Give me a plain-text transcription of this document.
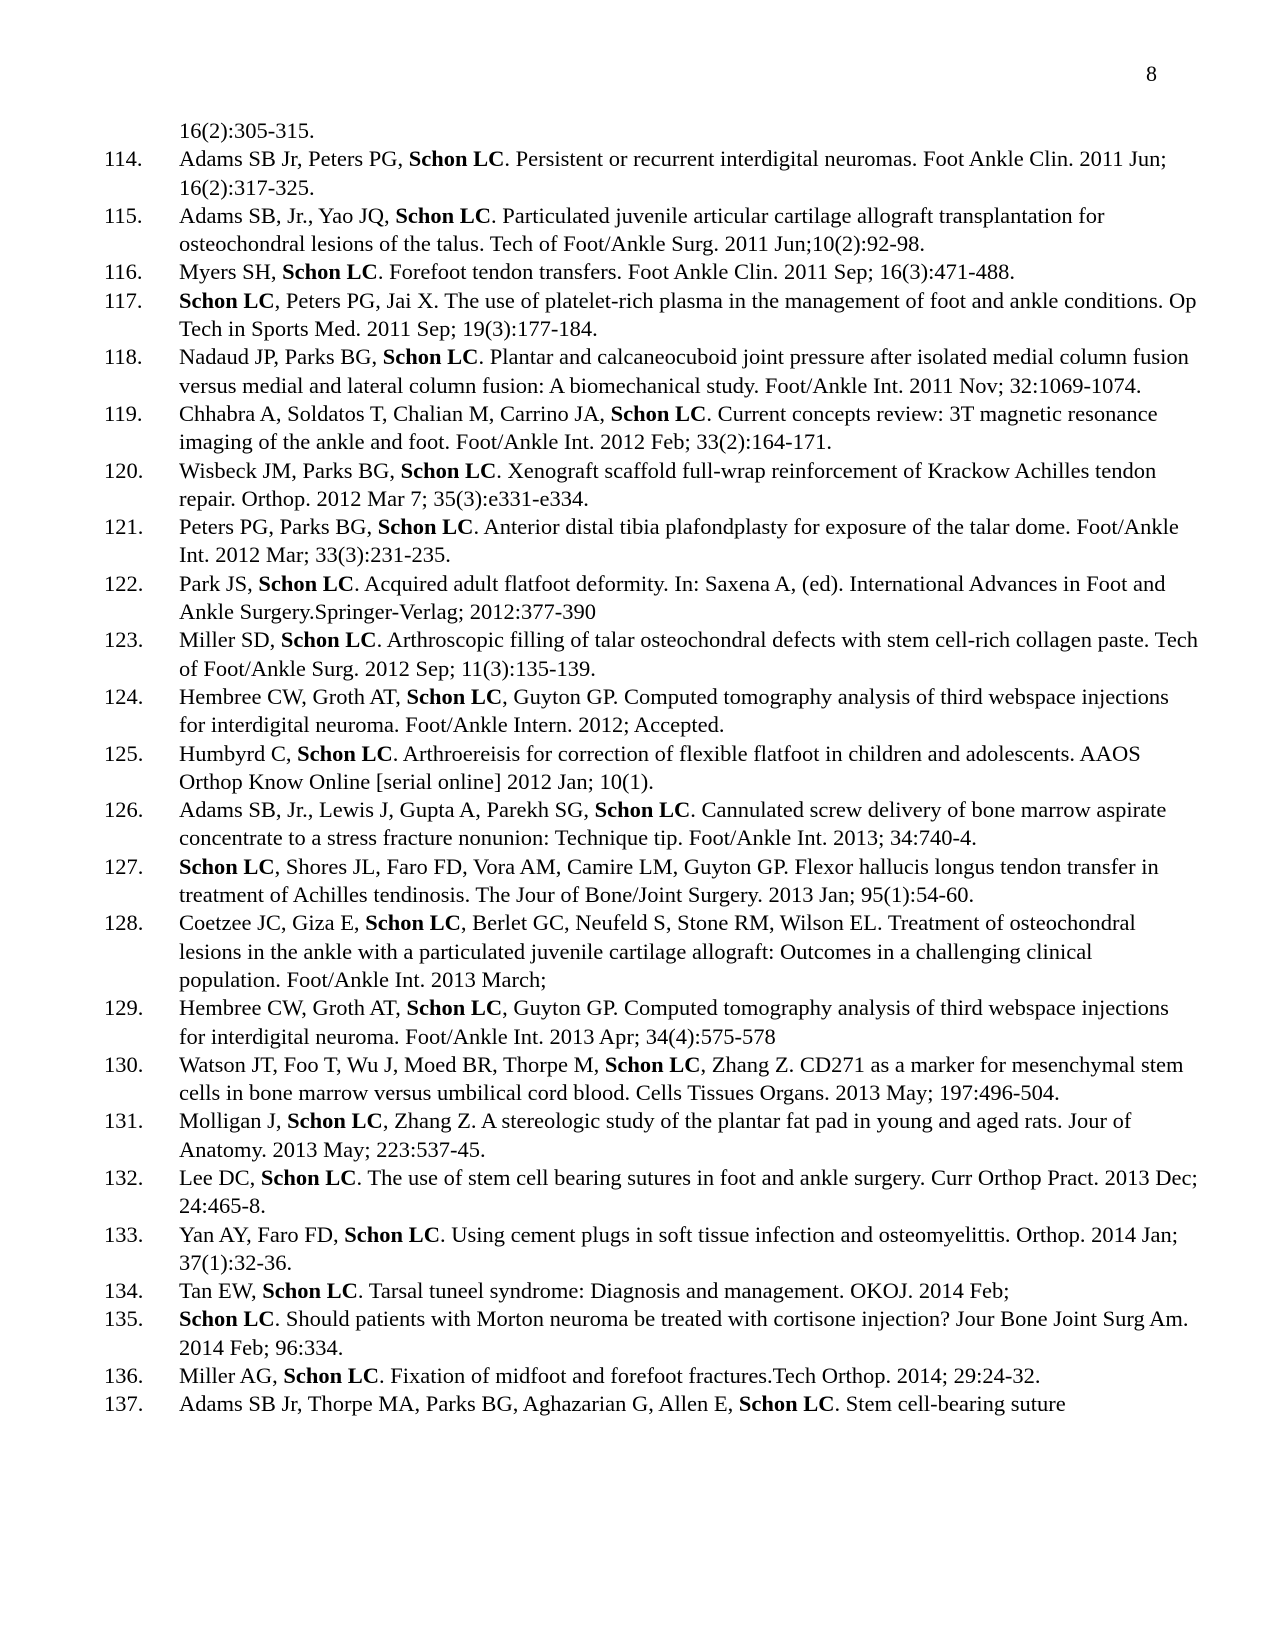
8
16(2):305-315.
114. Adams SB Jr, Peters PG, Schon LC. Persistent or recurrent interdigital neuromas. Foot Ankle Clin. 2011 Jun; 16(2):317-325.
115. Adams SB, Jr., Yao JQ, Schon LC. Particulated juvenile articular cartilage allograft transplantation for osteochondral lesions of the talus. Tech of Foot/Ankle Surg. 2011 Jun;10(2):92-98.
116. Myers SH, Schon LC. Forefoot tendon transfers. Foot Ankle Clin. 2011 Sep; 16(3):471-488.
117. Schon LC, Peters PG, Jai X. The use of platelet-rich plasma in the management of foot and ankle conditions. Op Tech in Sports Med. 2011 Sep; 19(3):177-184.
118. Nadaud JP, Parks BG, Schon LC. Plantar and calcaneocuboid joint pressure after isolated medial column fusion versus medial and lateral column fusion: A biomechanical study. Foot/Ankle Int. 2011 Nov; 32:1069-1074.
119. Chhabra A, Soldatos T, Chalian M, Carrino JA, Schon LC. Current concepts review: 3T magnetic resonance imaging of the ankle and foot. Foot/Ankle Int. 2012 Feb; 33(2):164-171.
120. Wisbeck JM, Parks BG, Schon LC. Xenograft scaffold full-wrap reinforcement of Krackow Achilles tendon repair. Orthop. 2012 Mar 7; 35(3):e331-e334.
121. Peters PG, Parks BG, Schon LC. Anterior distal tibia plafondplasty for exposure of the talar dome. Foot/Ankle Int. 2012 Mar; 33(3):231-235.
122. Park JS, Schon LC. Acquired adult flatfoot deformity. In: Saxena A, (ed). International Advances in Foot and Ankle Surgery.Springer-Verlag; 2012:377-390
123. Miller SD, Schon LC. Arthroscopic filling of talar osteochondral defects with stem cell-rich collagen paste. Tech of Foot/Ankle Surg. 2012 Sep; 11(3):135-139.
124. Hembree CW, Groth AT, Schon LC, Guyton GP. Computed tomography analysis of third webspace injections for interdigital neuroma. Foot/Ankle Intern. 2012; Accepted.
125. Humbyrd C, Schon LC. Arthroereisis for correction of flexible flatfoot in children and adolescents. AAOS Orthop Know Online [serial online] 2012 Jan; 10(1).
126. Adams SB, Jr., Lewis J, Gupta A, Parekh SG, Schon LC. Cannulated screw delivery of bone marrow aspirate concentrate to a stress fracture nonunion: Technique tip. Foot/Ankle Int. 2013; 34:740-4.
127. Schon LC, Shores JL, Faro FD, Vora AM, Camire LM, Guyton GP. Flexor hallucis longus tendon transfer in treatment of Achilles tendinosis. The Jour of Bone/Joint Surgery. 2013 Jan; 95(1):54-60.
128. Coetzee JC, Giza E, Schon LC, Berlet GC, Neufeld S, Stone RM, Wilson EL. Treatment of osteochondral lesions in the ankle with a particulated juvenile cartilage allograft: Outcomes in a challenging clinical population. Foot/Ankle Int. 2013 March;
129. Hembree CW, Groth AT, Schon LC, Guyton GP. Computed tomography analysis of third webspace injections for interdigital neuroma. Foot/Ankle Int. 2013 Apr; 34(4):575-578
130. Watson JT, Foo T, Wu J, Moed BR, Thorpe M, Schon LC, Zhang Z. CD271 as a marker for mesenchymal stem cells in bone marrow versus umbilical cord blood. Cells Tissues Organs. 2013 May; 197:496-504.
131. Molligan J, Schon LC, Zhang Z. A stereologic study of the plantar fat pad in young and aged rats. Jour of Anatomy. 2013 May; 223:537-45.
132. Lee DC, Schon LC. The use of stem cell bearing sutures in foot and ankle surgery. Curr Orthop Pract. 2013 Dec; 24:465-8.
133. Yan AY, Faro FD, Schon LC. Using cement plugs in soft tissue infection and osteomyelittis. Orthop. 2014 Jan; 37(1):32-36.
134. Tan EW, Schon LC. Tarsal tuneel syndrome: Diagnosis and management. OKOJ. 2014 Feb;
135. Schon LC. Should patients with Morton neuroma be treated with cortisone injection? Jour Bone Joint Surg Am. 2014 Feb; 96:334.
136. Miller AG, Schon LC. Fixation of midfoot and forefoot fractures.Tech Orthop. 2014; 29:24-32.
137. Adams SB Jr, Thorpe MA, Parks BG, Aghazarian G, Allen E, Schon LC. Stem cell-bearing suture
